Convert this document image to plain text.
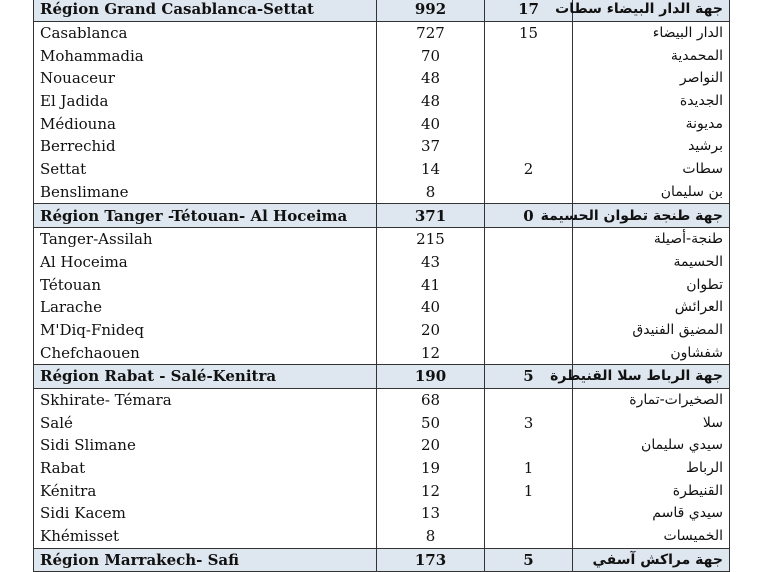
Région Grand Casablanca-Settat	992	17	جهة الدار البيضاء سطات
Casablanca	727	15	الدار البيضاء
Mohammadia	70		المحمدية
Nouaceur	48		النواصر
El Jadida	48		الجديدة
Médiouna	40		مديونة
Berrechid	37		برشيد
Settat	14	2	سطات
Benslimane	8		بن سليمان
Région Tanger -Tétouan- Al Hoceima	371	0	جهة طنجة تطوان الحسيمة
Tanger-Assilah	215		طنجة-أصيلة
Al Hoceima	43		الحسيمة
Tétouan	41		تطوان
Larache	40		العرائش
M'Diq-Fnideq	20		المضيق الفنيدق
Chefchaouen	12		شفشاون
Région Rabat - Salé-Kenitra	190	5	جهة الرباط سلا القنيطرة
Skhirate- Témara	68		الصخيرات-تمارة
Salé	50	3	سلا
Sidi Slimane	20		سيدي سليمان
Rabat	19	1	الرباط
Kénitra	12	1	القنيطرة
Sidi Kacem	13		سيدي قاسم
Khémisset	8		الخميسات
Région Marrakech- Safi	173	5	جهة مراكش آسفي
